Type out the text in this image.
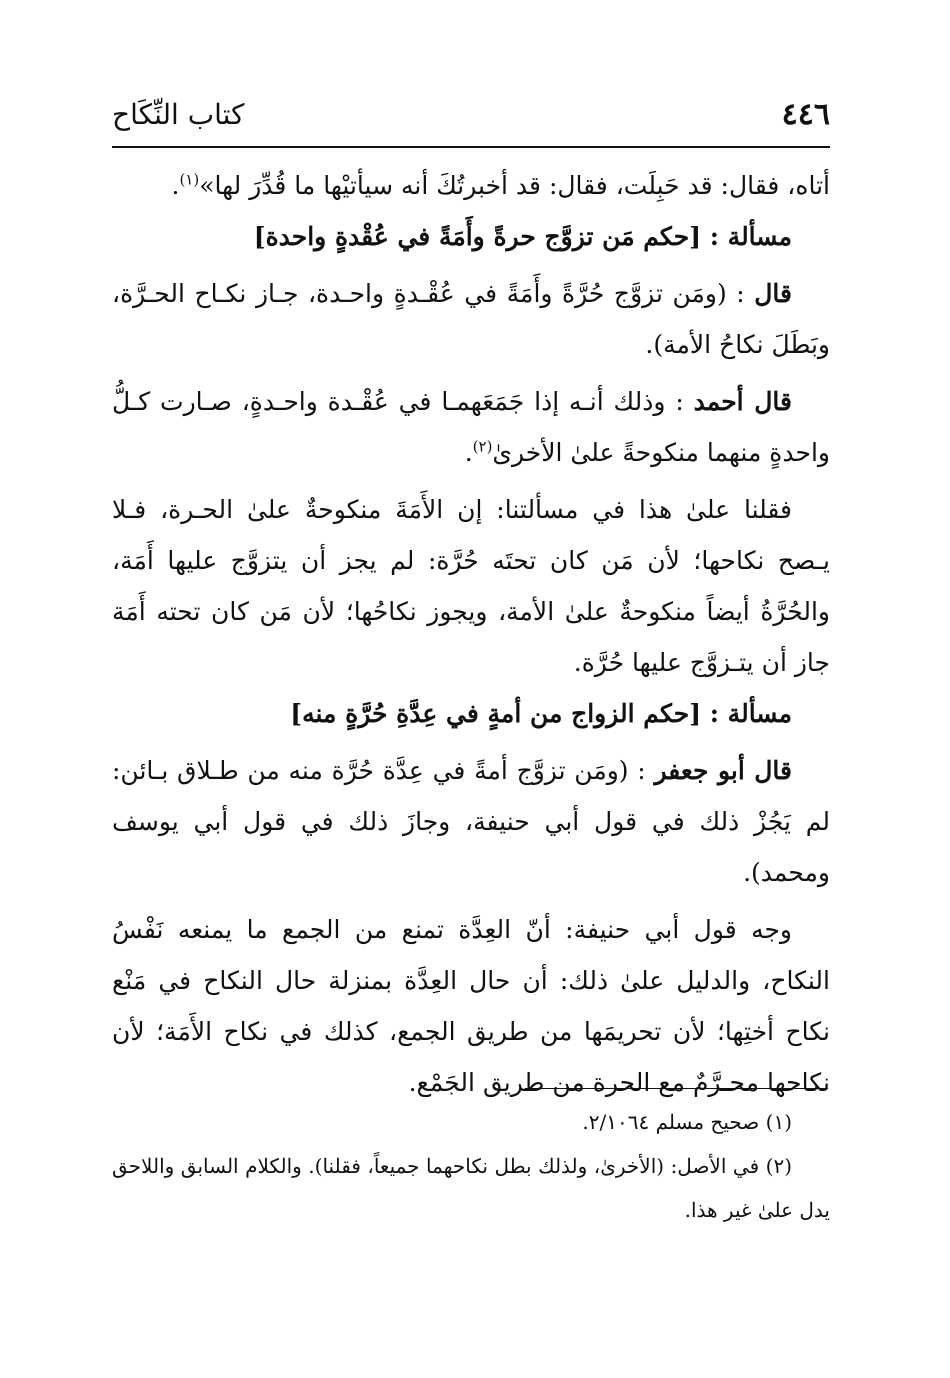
٤٤٦
كتاب النِّكَاح

أتاه، فقال: قد حَبِلَت، فقال: قد أخبرتُكَ أنه سيأتيْها ما قُدِّرَ لها»$^{(١)}$.

مسألة : [حكم مَن تزوَّج حرةً وأَمَةً في عُقْدةٍ واحدة]

قال : (ومَن تزوَّج حُرَّةً وأَمَةً في عُقْـدةٍ واحـدة، جـاز نكـاح الحـرَّة، وبَطَلَ نكاحُ الأمة).

قال أحمد : وذلك أنـه إذا جَمَعَهمـا في عُقْـدة واحـدةٍ، صـارت كـلُّ واحدةٍ منهما منكوحةً علىٰ الأخرىٰ$^{(٢)}$.

فقلنا علىٰ هذا في مسألتنا: إن الأَمَةَ منكوحةٌ علىٰ الحـرة، فـلا يـصح نكاحها؛ لأن مَن كان تحتَه حُرَّة: لم يجز أن يتزوَّج عليها أَمَة، والحُرَّةُ أيضاً منكوحةٌ علىٰ الأمة، ويجوز نكاحُها؛ لأن مَن كان تحته أَمَة جاز أن يتـزوَّج عليها حُرَّة.

مسألة : [حكم الزواج من أمةٍ في عِدَّةِ حُرَّةٍ منه]

قال أبو جعفر : (ومَن تزوَّج أمةً في عِدَّة حُرَّة منه من طـلاق بـائن: لم يَجُزْ ذلك في قول أبي حنيفة، وجازَ ذلك في قول أبي يوسف ومحمد).

وجه قول أبي حنيفة: أنّ العِدَّة تمنع من الجمع ما يمنعه نَفْسُ النكاح، والدليل علىٰ ذلك: أن حال العِدَّة بمنزلة حال النكاح في مَنْع نكاح أختِها؛ لأن تحريمَها من طريق الجمع، كذلك في نكاح الأَمَة؛ لأن نكاحها محـرَّمٌ مع الحرة من طريق الجَمْع.

(١) صحيح مسلم ٢/١٠٦٤.

(٢) في الأصل: (الأخرىٰ، ولذلك بطل نكاحهما جميعاً، فقلنا). والكلام السابق واللاحق يدل علىٰ غير هذا.
